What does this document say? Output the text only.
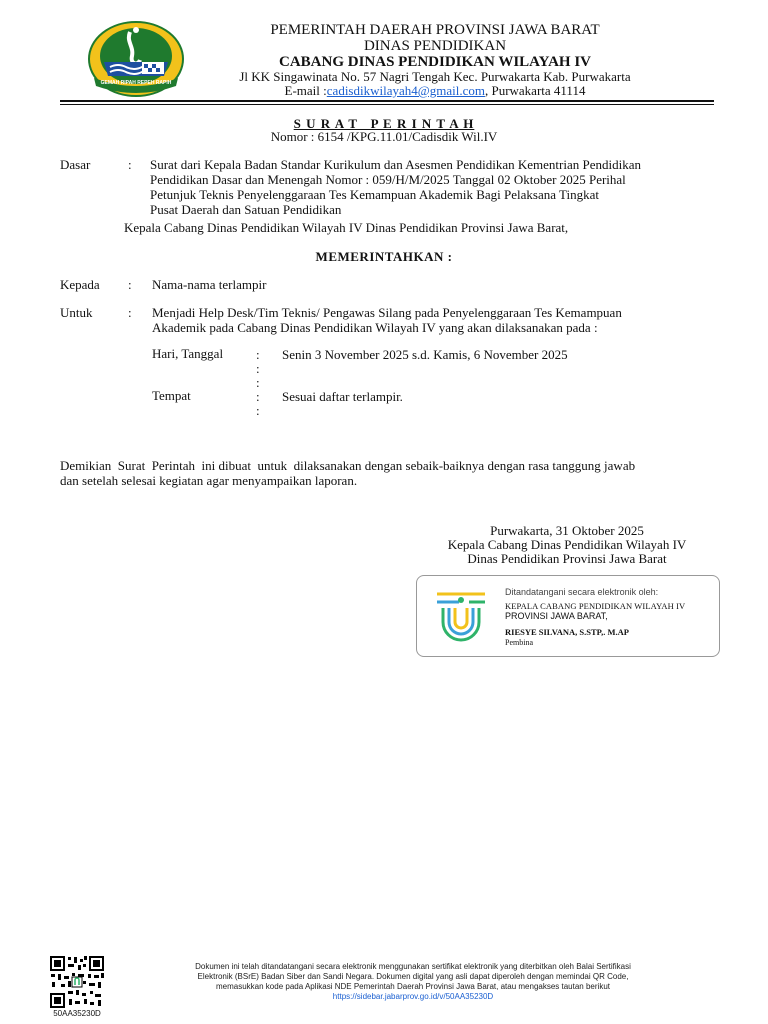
GEMAH RIPAH REPEH RAPIH
PEMERINTAH DAERAH PROVINSI JAWA BARAT
DINAS PENDIDIKAN
CABANG DINAS PENDIDIKAN WILAYAH IV
Jl KK Singawinata No. 57 Nagri Tengah Kec. Purwakarta Kab. Purwakarta
E-mail :cadisdikwilayah4@gmail.com, Purwakarta 41114
S U R A T   P E R I N T A H
Nomor : 6154 /KPG.11.01/Cadisdik Wil.IV
Dasar	: Surat dari Kepala Badan Standar Kurikulum dan Asesmen Pendidikan Kementrian Pendidikan
Pendidikan Dasar dan Menengah Nomor : 059/H/M/2025 Tanggal 02 Oktober 2025 Perihal
Petunjuk Teknis Penyelenggaraan Tes Kemampuan Akademik Bagi Pelaksana Tingkat
Pusat Daerah dan Satuan Pendidikan
Kepala Cabang Dinas Pendidikan Wilayah IV Dinas Pendidikan Provinsi Jawa Barat,
MEMERINTAHKAN :
Kepada : Nama-nama terlampir
Untuk	: Menjadi Help Desk/Tim Teknis/ Pengawas Silang pada Penyelenggaraan Tes Kemampuan
Akademik pada Cabang Dinas Pendidikan Wilayah IV yang akan dilaksanakan pada :
Hari, Tanggal	: Senin 3 November 2025 s.d. Kamis, 6 November 2025
:
:
Tempat	: Sesuai daftar terlampir.
:
Demikian  Surat  Perintah  ini dibuat  untuk  dilaksanakan dengan sebaik-baiknya dengan rasa tanggung jawab
dan setelah selesai kegiatan agar menyampaikan laporan.
Purwakarta, 31 Oktober 2025
Kepala Cabang Dinas Pendidikan Wilayah IV
Dinas Pendidikan Provinsi Jawa Barat
Ditandatangani secara elektronik oleh:
KEPALA CABANG PENDIDIKAN WILAYAH IV
PROVINSI JAWA BARAT,
RIESYE SILVANA, S.STP,. M.AP
Pembina
50AA35230D
Dokumen ini telah ditandatangani secara elektronik menggunakan sertifikat elektronik yang diterbitkan oleh Balai Sertifikasi
Elektronik (BSrE) Badan Siber dan Sandi Negara. Dokumen digital yang asli dapat diperoleh dengan memindai QR Code,
memasukkan kode pada Aplikasi NDE Pemerintah Daerah Provinsi Jawa Barat, atau mengakses tautan berikut
https://sidebar.jabarprov.go.id/v/50AA35230D
